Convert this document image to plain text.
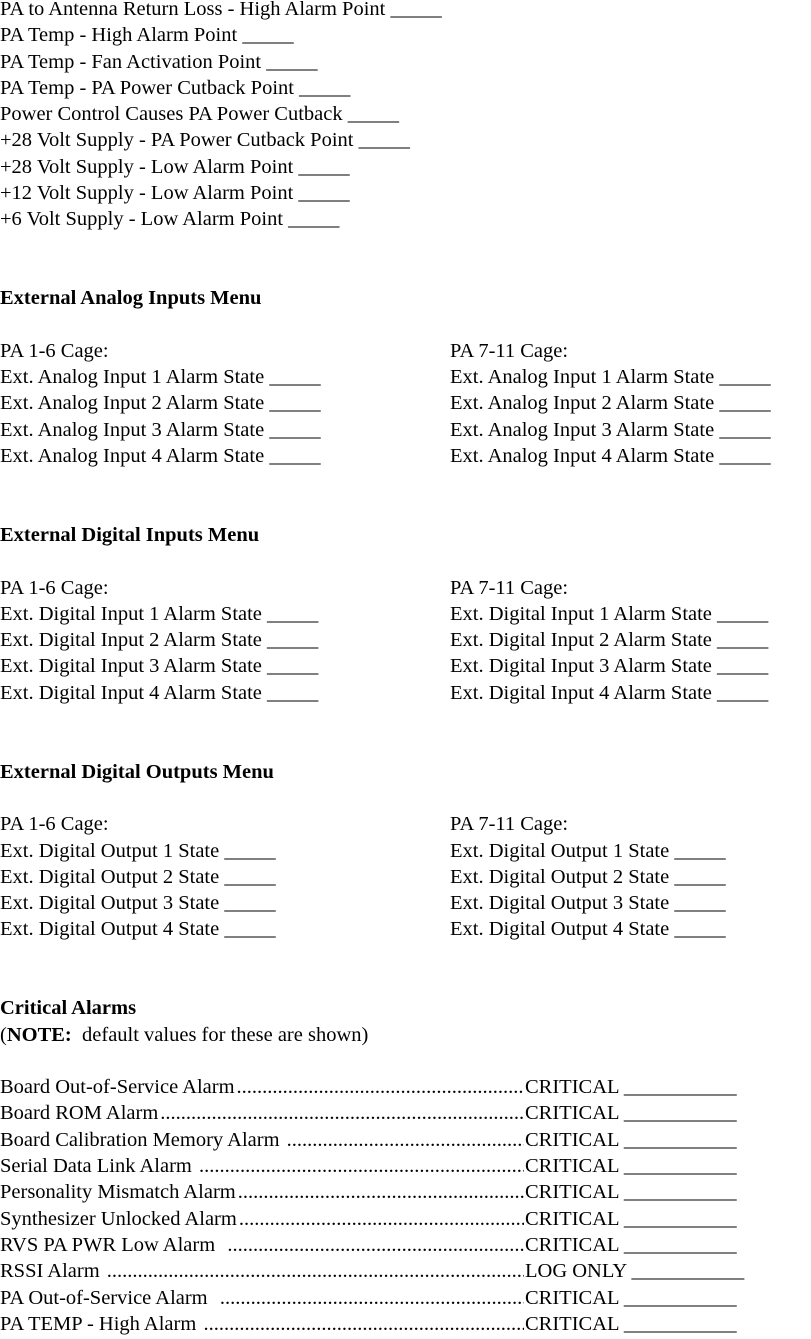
PA to Antenna Return Loss - High Alarm Point _____
PA Temp - High Alarm Point _____
PA Temp - Fan Activation Point _____
PA Temp - PA Power Cutback Point _____
Power Control Causes PA Power Cutback _____
+28 Volt Supply - PA Power Cutback Point _____
+28 Volt Supply - Low Alarm Point _____
+12 Volt Supply - Low Alarm Point _____
+6 Volt Supply - Low Alarm Point _____
External Analog Inputs Menu
PA 1-6 Cage:	PA 7-11 Cage:
Ext. Analog Input 1 Alarm State _____	Ext. Analog Input 1 Alarm State _____
Ext. Analog Input 2 Alarm State _____	Ext. Analog Input 2 Alarm State _____
Ext. Analog Input 3 Alarm State _____	Ext. Analog Input 3 Alarm State _____
Ext. Analog Input 4 Alarm State _____	Ext. Analog Input 4 Alarm State _____
External Digital Inputs Menu
PA 1-6 Cage:	PA 7-11 Cage:
Ext. Digital Input 1 Alarm State _____	Ext. Digital Input 1 Alarm State _____
Ext. Digital Input 2 Alarm State _____	Ext. Digital Input 2 Alarm State _____
Ext. Digital Input 3 Alarm State _____	Ext. Digital Input 3 Alarm State _____
Ext. Digital Input 4 Alarm State _____	Ext. Digital Input 4 Alarm State _____
External Digital Outputs Menu
PA 1-6 Cage:	PA 7-11 Cage:
Ext. Digital Output 1 State _____	Ext. Digital Output 1 State _____
Ext. Digital Output 2 State _____	Ext. Digital Output 2 State _____
Ext. Digital Output 3 State _____	Ext. Digital Output 3 State _____
Ext. Digital Output 4 State _____	Ext. Digital Output 4 State _____
Critical Alarms
(NOTE:  default values for these are shown)
Board Out-of-Service Alarm .....	CRITICAL ___________
Board ROM Alarm .....	CRITICAL ___________
Board Calibration Memory Alarm  .....	CRITICAL ___________
Serial Data Link Alarm  .....	CRITICAL ___________
Personality Mismatch Alarm .....	CRITICAL ___________
Synthesizer Unlocked Alarm .....	CRITICAL ___________
RVS PA PWR Low Alarm   .....	CRITICAL ___________
RSSI Alarm  .....	LOG ONLY ___________
PA Out-of-Service Alarm   .....	CRITICAL ___________
PA TEMP - High Alarm  .....	CRITICAL ___________
